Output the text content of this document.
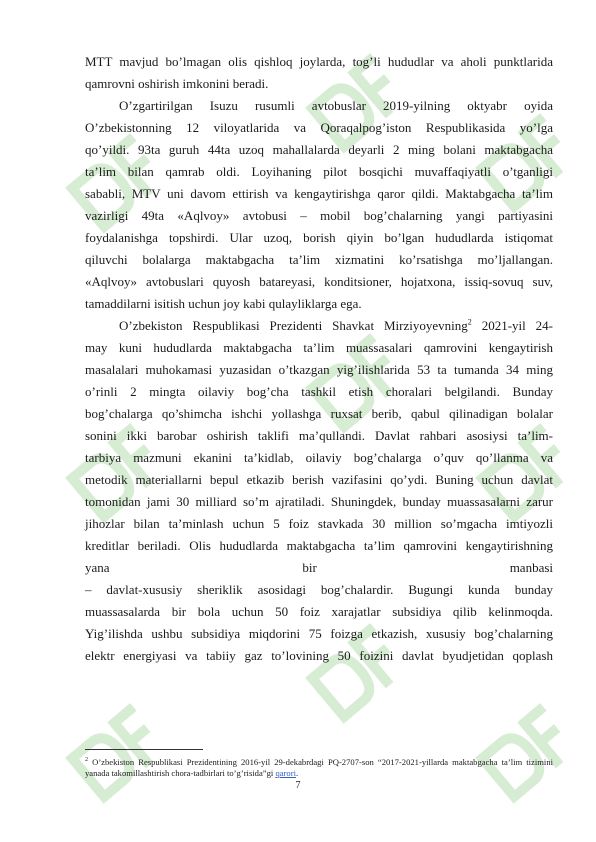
MTT mavjud bo’lmagan olis qishloq joylarda, tog’li hududlar va aholi punktlarida
qamrovni oshirish imkonini beradi.

O’zgartirilgan Isuzu rusumli avtobuslar 2019-yilning oktyabr oyida
O’zbekistonning 12 viloyatlarida va Qoraqalpog’iston Respublikasida yo’lga
qo’yildi. 93ta guruh 44ta uzoq mahallalarda deyarli 2 ming bolani maktabgacha
ta’lim bilan qamrab oldi. Loyihaning pilot bosqichi muvaffaqiyatli o’tganligi
sababli, MTV uni davom ettirish va kengaytirishga qaror qildi. Maktabgacha ta’lim
vazirligi 49ta «Aqlvoy» avtobusi – mobil bog’chalarning yangi partiyasini
foydalanishga topshirdi. Ular uzoq, borish qiyin bo’lgan hududlarda istiqomat
qiluvchi bolalarga maktabgacha ta’lim xizmatini ko’rsatishga mo’ljallangan.
«Aqlvoy» avtobuslari quyosh batareyasi, konditsioner, hojatxona, issiq-sovuq suv,
tamaddilarni isitish uchun joy kabi qulayliklarga ega.

O’zbekiston Respublikasi Prezidenti Shavkat Mirziyoyevning$^2$ 2021-yil 24-
may kuni hududlarda maktabgacha ta’lim muassasalari qamrovini kengaytirish
masalalari muhokamasi yuzasidan o’tkazgan yig’ilishlarida 53 ta tumanda 34 ming
o’rinli 2 mingta oilaviy bog’cha tashkil etish choralari belgilandi. Bunday
bog’chalarga qo’shimcha ishchi yollashga ruxsat berib, qabul qilinadigan bolalar
sonini ikki barobar oshirish taklifi ma’qullandi. Davlat rahbari asosiysi ta’lim-
tarbiya mazmuni ekanini ta’kidlab, oilaviy bog’chalarga o’quv qo’llanma va
metodik materiallarni bepul etkazib berish vazifasini qo’ydi. Buning uchun davlat
tomonidan jami 30 milliard so’m ajratiladi. Shuningdek, bunday muassasalarni zarur
jihozlar bilan ta’minlash uchun 5 foiz stavkada 30 million so’mgacha imtiyozli
kreditlar beriladi. Olis hududlarda maktabgacha ta’lim qamrovini kengaytirishning

yana	bir	manbasi
– davlat-xususiy sheriklik asosidagi bog’chalardir. Bugungi kunda bunday
muassasalarda bir bola uchun 50 foiz xarajatlar subsidiya qilib kelinmoqda.
Yig’ilishda ushbu subsidiya miqdorini 75 foizga etkazish, xususiy bog’chalarning
elektr energiyasi va tabiiy gaz to’lovining 50 foizini davlat byudjetidan qoplash

$^2$ O’zbekiston Respublikasi Prezidentining 2016-yil 29-dekabrdagi PQ-2707-son “2017-2021-yillarda maktabgacha ta’lim tizimini yanada takomillashtirish chora-tadbirlari to’g’risida”gi qarori.
7
